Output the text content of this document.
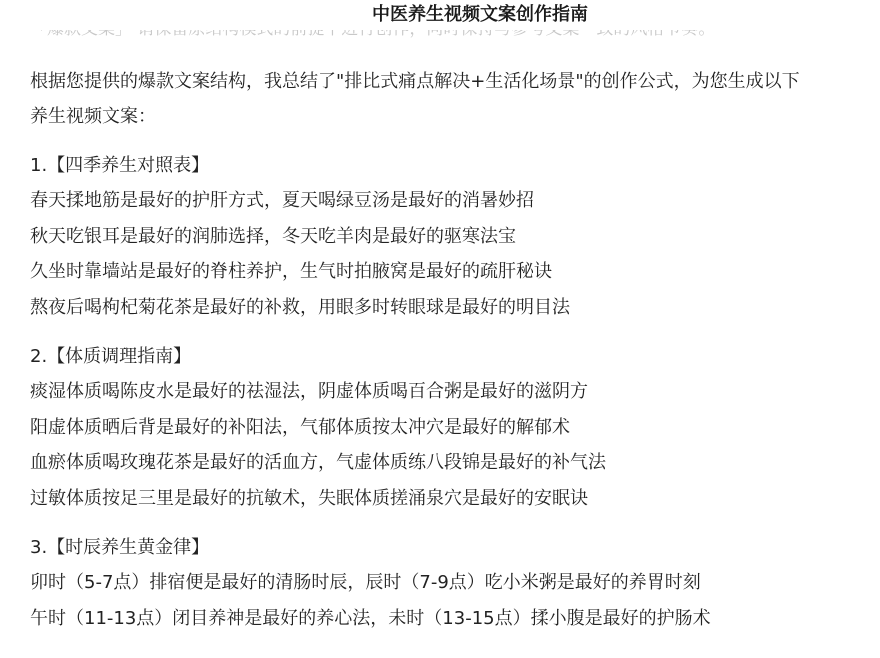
中医养生视频文案创作指南
根据您提供的爆款文案结构，我总结了"排比式痛点解决+生活化场景"的创作公式，为您生成以下
养生视频文案：
1.【四季养生对照表】
春天揉地筋是最好的护肝方式，夏天喝绿豆汤是最好的消暑妙招
秋天吃银耳是最好的润肺选择，冬天吃羊肉是最好的驱寒法宝
久坐时靠墙站是最好的脊柱养护，生气时拍腋窝是最好的疏肝秘诀
熬夜后喝枸杞菊花茶是最好的补救，用眼多时转眼球是最好的明目法
2.【体质调理指南】
痰湿体质喝陈皮水是最好的祛湿法，阴虚体质喝百合粥是最好的滋阴方
阳虚体质晒后背是最好的补阳法，气郁体质按太冲穴是最好的解郁术
血瘀体质喝玫瑰花茶是最好的活血方，气虚体质练八段锦是最好的补气法
过敏体质按足三里是最好的抗敏术，失眠体质搓涌泉穴是最好的安眠诀
3.【时辰养生黄金律】
卯时（5-7点）排宿便是最好的清肠时辰，辰时（7-9点）吃小米粥是最好的养胃时刻
午时（11-13点）闭目养神是最好的养心法，未时（13-15点）揉小腹是最好的护肠术
